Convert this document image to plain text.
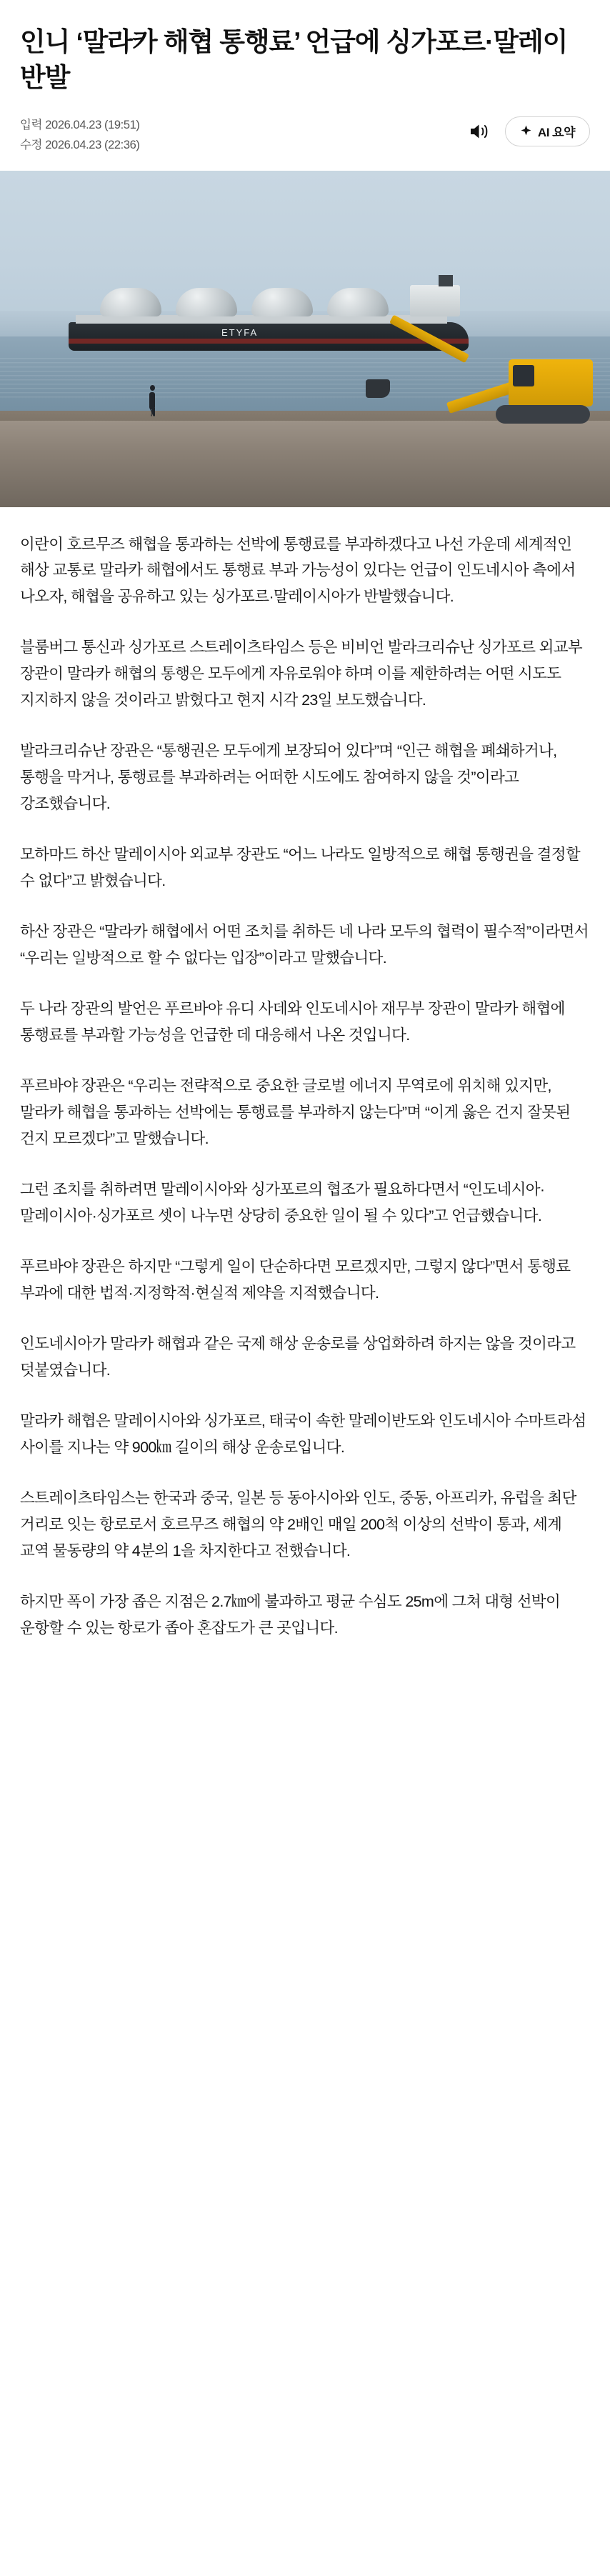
인니 ‘말라카 해협 통행료’ 언급에 싱가포르·말레이 반발
입력 2026.04.23 (19:51)
수정 2026.04.23 (22:36)
AI 요약
ETYFA

이란이 호르무즈 해협을 통과하는 선박에 통행료를 부과하겠다고 나선 가운데 세계적인 해상 교통로 말라카 해협에서도 통행료 부과 가능성이 있다는 언급이 인도네시아 측에서 나오자, 해협을 공유하고 있는 싱가포르·말레이시아가 반발했습니다.

블룸버그 통신과 싱가포르 스트레이츠타임스 등은 비비언 발라크리슈난 싱가포르 외교부 장관이 말라카 해협의 통행은 모두에게 자유로워야 하며 이를 제한하려는 어떤 시도도 지지하지 않을 것이라고 밝혔다고 현지 시각 23일 보도했습니다.

발라크리슈난 장관은 “통행권은 모두에게 보장되어 있다”며 “인근 해협을 폐쇄하거나, 통행을 막거나, 통행료를 부과하려는 어떠한 시도에도 참여하지 않을 것”이라고 강조했습니다.

모하마드 하산 말레이시아 외교부 장관도 “어느 나라도 일방적으로 해협 통행권을 결정할 수 없다”고 밝혔습니다.

하산 장관은 “말라카 해협에서 어떤 조치를 취하든 네 나라 모두의 협력이 필수적”이라면서 “우리는 일방적으로 할 수 없다는 입장”이라고 말했습니다.

두 나라 장관의 발언은 푸르바야 유디 사데와 인도네시아 재무부 장관이 말라카 해협에 통행료를 부과할 가능성을 언급한 데 대응해서 나온 것입니다.

푸르바야 장관은 “우리는 전략적으로 중요한 글로벌 에너지 무역로에 위치해 있지만, 말라카 해협을 통과하는 선박에는 통행료를 부과하지 않는다”며 “이게 옳은 건지 잘못된 건지 모르겠다”고 말했습니다.

그런 조치를 취하려면 말레이시아와 싱가포르의 협조가 필요하다면서 “인도네시아·말레이시아·싱가포르 셋이 나누면 상당히 중요한 일이 될 수 있다”고 언급했습니다.

푸르바야 장관은 하지만 “그렇게 일이 단순하다면 모르겠지만, 그렇지 않다”면서 통행료 부과에 대한 법적·지정학적·현실적 제약을 지적했습니다.

인도네시아가 말라카 해협과 같은 국제 해상 운송로를 상업화하려 하지는 않을 것이라고 덧붙였습니다.

말라카 해협은 말레이시아와 싱가포르, 태국이 속한 말레이반도와 인도네시아 수마트라섬 사이를 지나는 약 900㎞ 길이의 해상 운송로입니다.

스트레이츠타임스는 한국과 중국, 일본 등 동아시아와 인도, 중동, 아프리카, 유럽을 최단 거리로 잇는 항로로서 호르무즈 해협의 약 2배인 매일 200척 이상의 선박이 통과, 세계 교역 물동량의 약 4분의 1을 차지한다고 전했습니다.

하지만 폭이 가장 좁은 지점은 2.7㎞에 불과하고 평균 수심도 25m에 그쳐 대형 선박이 운항할 수 있는 항로가 좁아 혼잡도가 큰 곳입니다.
